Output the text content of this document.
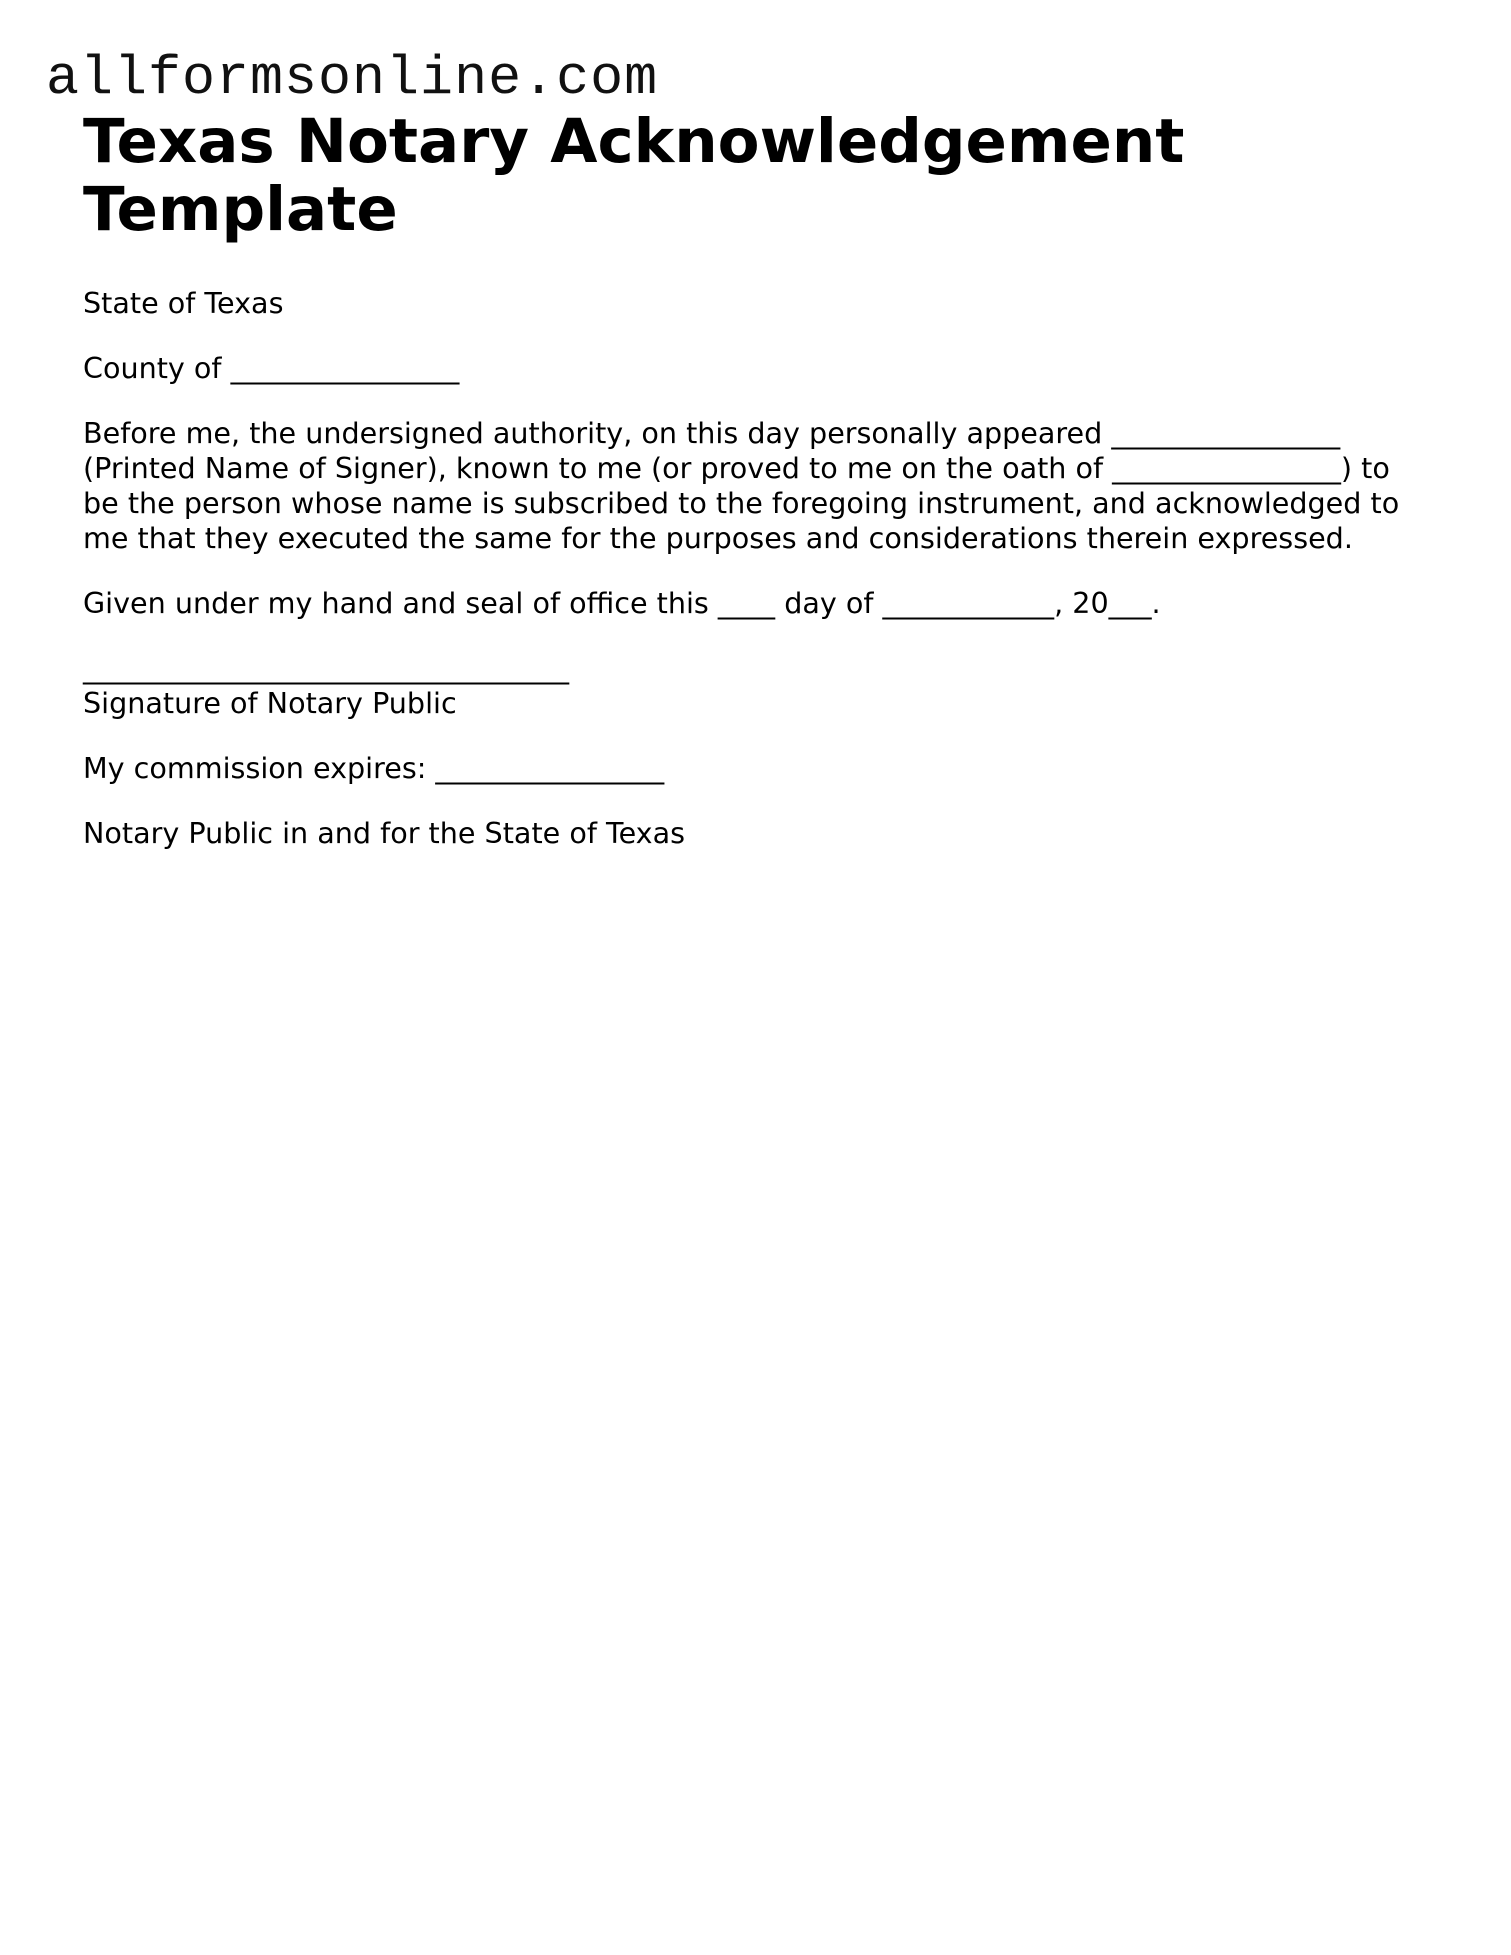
allformsonline.com
Texas Notary Acknowledgement Template

State of Texas

County of ________________

Before me, the undersigned authority, on this day personally appeared ________________ (Printed Name of Signer), known to me (or proved to me on the oath of ________________) to be the person whose name is subscribed to the foregoing instrument, and acknowledged to me that they executed the same for the purposes and considerations therein expressed.

Given under my hand and seal of office this ____ day of ____________, 20___.

__________________________________

Signature of Notary Public

My commission expires: ________________

Notary Public in and for the State of Texas
